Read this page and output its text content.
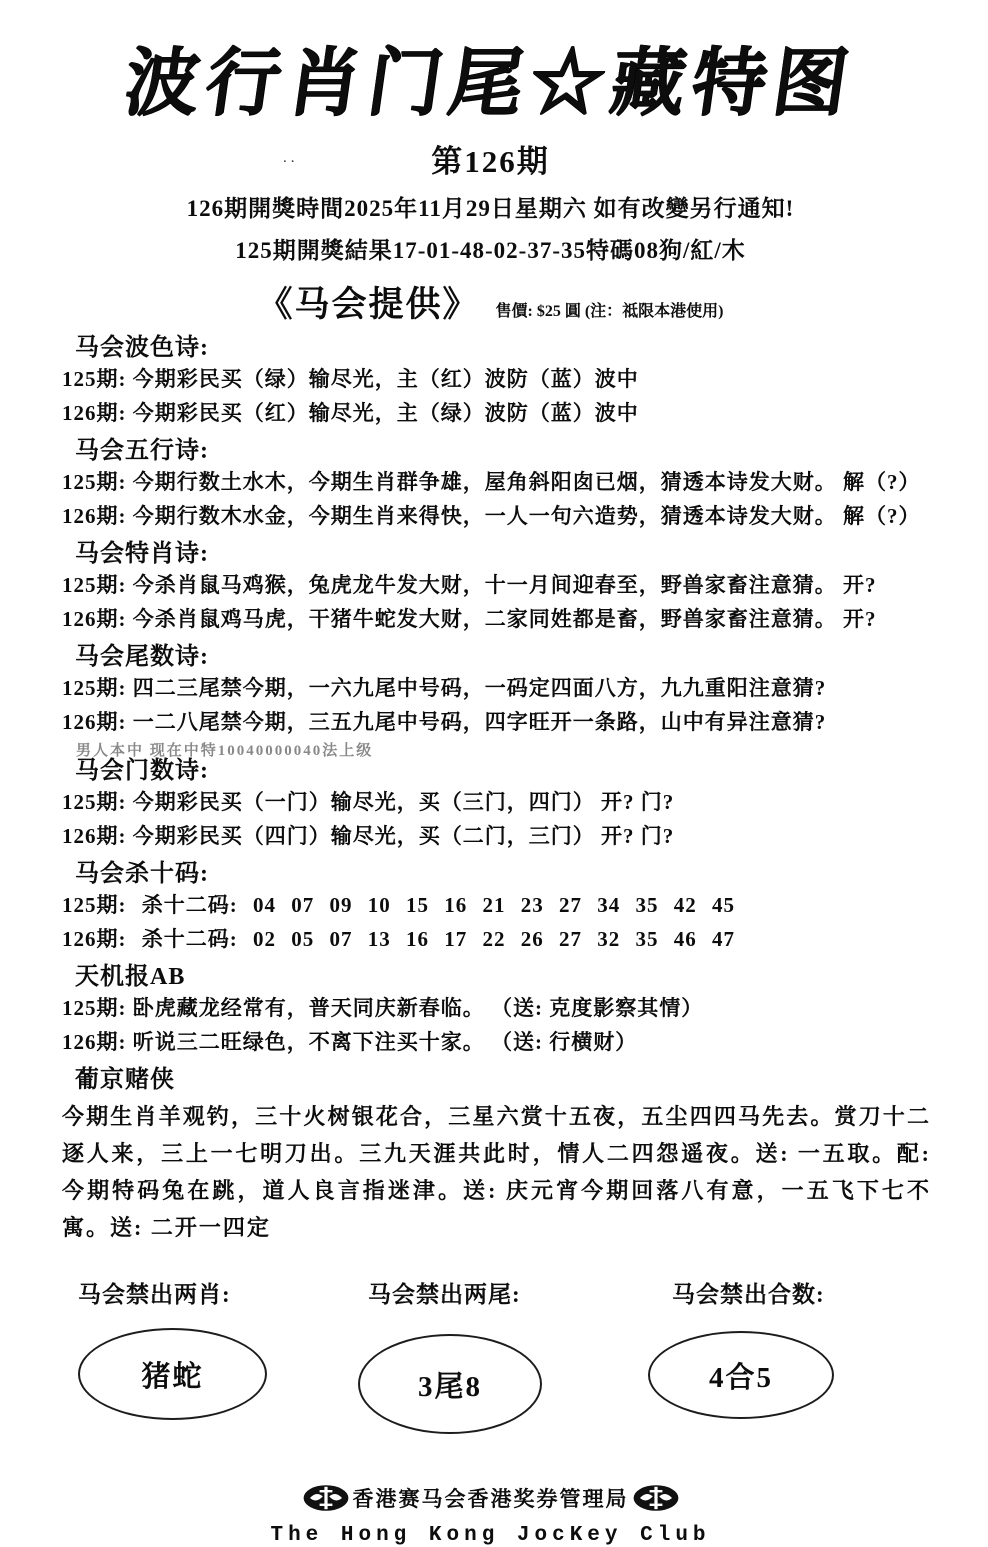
波行肖门尾☆藏特图
..	第126期
126期開獎時間2025年11月29日星期六 如有改變另行通知!
125期開獎結果17-01-48-02-37-35特碼08狗/紅/木
《马会提供》 售價: $25 圓 (注：祗限本港使用)
马会波色诗:

125期: 今期彩民买（绿）输尽光，主（红）波防（蓝）波中

126期: 今期彩民买（红）输尽光，主（绿）波防（蓝）波中

马会五行诗:

125期: 今期行数土水木，今期生肖群争雄，屋角斜阳囱已烟，猜透本诗发大财。 解（?）

126期: 今期行数木水金，今期生肖来得快，一人一句六造势，猜透本诗发大财。 解（?）

马会特肖诗:

125期: 今杀肖鼠马鸡猴，兔虎龙牛发大财，十一月间迎春至，野兽家畜注意猜。 开?

126期: 今杀肖鼠鸡马虎，干猪牛蛇发大财，二家同姓都是畜，野兽家畜注意猜。 开?

马会尾数诗:

125期: 四二三尾禁今期，一六九尾中号码，一码定四面八方，九九重阳注意猜?

126期: 一二八尾禁今期，三五九尾中号码，四字旺开一条路，山中有异注意猜?

男人本中 现在中特10040000040法上级
马会门数诗:

125期: 今期彩民买（一门）输尽光，买（三门，四门） 开? 门?

126期: 今期彩民买（四门）输尽光，买（二门，三门） 开? 门?

马会杀十码:

125期: 杀十二码: 04 07 09 10 15 16 21 23 27 34 35 42 45

126期: 杀十二码: 02 05 07 13 16 17 22 26 27 32 35 46 47

天机报AB

125期: 卧虎藏龙经常有，普天同庆新春临。 （送: 克度影察其情）

126期: 听说三二旺绿色，不离下注买十家。 （送: 行横财）

葡京赌侠

今期生肖羊观钓，三十火树银花合，三星六赏十五夜，五尘四四马先去。赏刀十二逐人来，三上一七明刀出。三九天涯共此时，情人二四怨遥夜。送: 一五取。配: 今期特码兔在跳，道人良言指迷津。送: 庆元宵今期回落八有意，一五飞下七不寓。送: 二开一四定

马会禁出两肖:	马会禁出两尾:	马会禁出合数:
猪蛇	3尾8	4合5
香港赛马会香港奖券管理局
The Hong Kong JocKey Club
